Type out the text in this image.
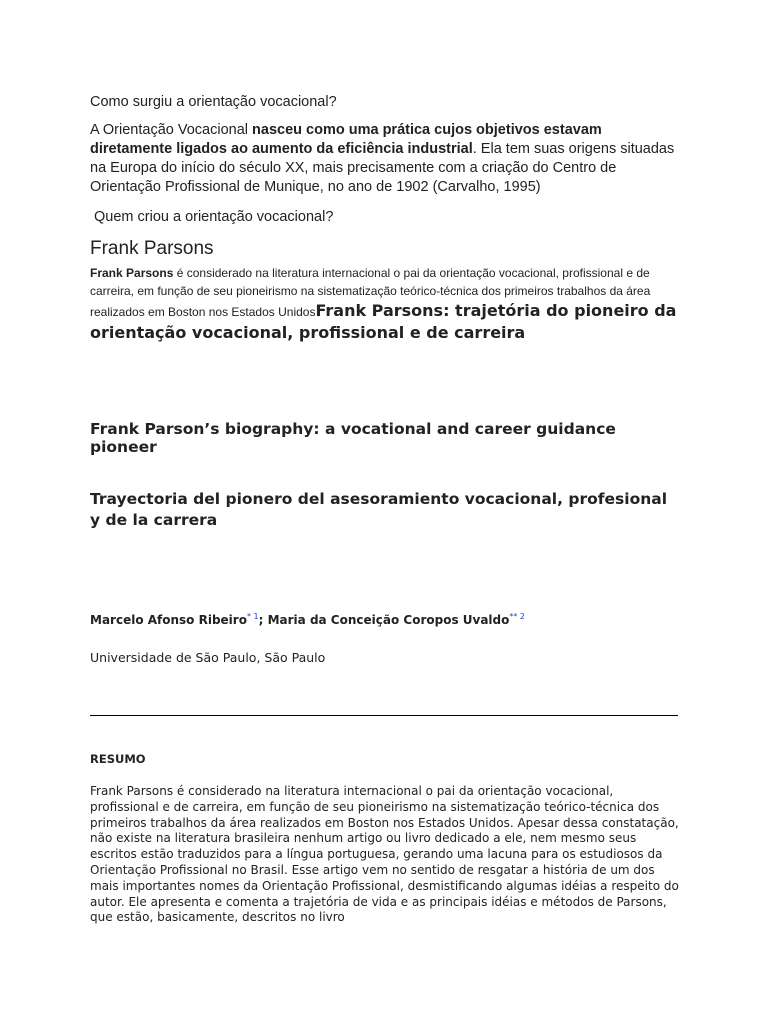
Como surgiu a orientação vocacional?
A Orientação Vocacional nasceu como uma prática cujos objetivos estavam diretamente ligados ao aumento da eficiência industrial. Ela tem suas origens situadas na Europa do início do século XX, mais precisamente com a criação do Centro de Orientação Profissional de Munique, no ano de 1902 (Carvalho, 1995)
Quem criou a orientação vocacional?
Frank Parsons
Frank Parsons é considerado na literatura internacional o pai da orientação vocacional, profissional e de carreira, em função de seu pioneirismo na sistematização teórico-técnica dos primeiros trabalhos da área realizados em Boston nos Estados UnidosFrank Parsons: trajetória do pioneiro da orientação vocacional, profissional e de carreira
Frank Parson’s biography: a vocational and career guidance pioneer
Trayectoria del pionero del asesoramiento vocacional, profesional y de la carrera
Marcelo Afonso Ribeiro$^{* 1}$; Maria da Conceição Coropos Uvaldo$^{** 2}$
Universidade de São Paulo, São Paulo
RESUMO
Frank Parsons é considerado na literatura internacional o pai da orientação vocacional, profissional e de carreira, em função de seu pioneirismo na sistematização teórico-técnica dos primeiros trabalhos da área realizados em Boston nos Estados Unidos. Apesar dessa constatação, não existe na literatura brasileira nenhum artigo ou livro dedicado a ele, nem mesmo seus escritos estão traduzidos para a língua portuguesa, gerando uma lacuna para os estudiosos da Orientação Profissional no Brasil. Esse artigo vem no sentido de resgatar a história de um dos mais importantes nomes da Orientação Profissional, desmistificando algumas idéias a respeito do autor. Ele apresenta e comenta a trajetória de vida e as principais idéias e métodos de Parsons, que estão, basicamente, descritos no livro
